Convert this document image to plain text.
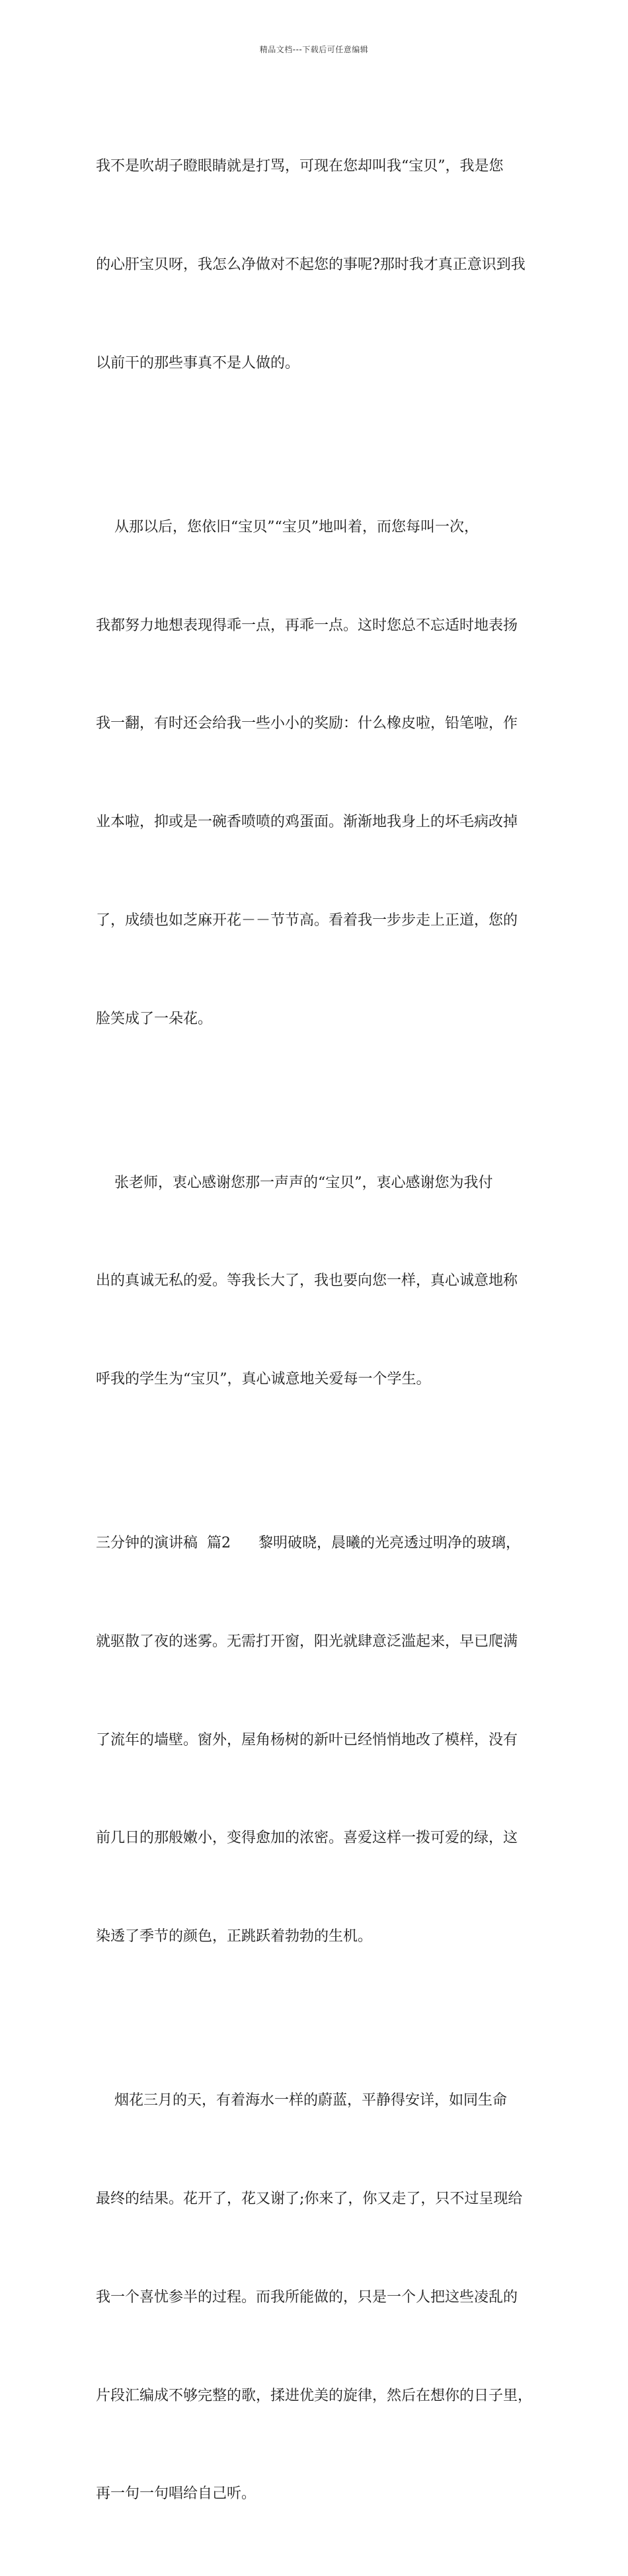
精品文档---下载后可任意编辑

我不是吹胡子瞪眼睛就是打骂，可现在您却叫我“宝贝”，我是您

的心肝宝贝呀，我怎么净做对不起您的事呢?那时我才真正意识到我

以前干的那些事真不是人做的。

从那以后，您依旧“宝贝”“宝贝”地叫着，而您每叫一次，

我都努力地想表现得乖一点，再乖一点。这时您总不忘适时地表扬

我一翻，有时还会给我一些小小的奖励：什么橡皮啦，铅笔啦，作

业本啦，抑或是一碗香喷喷的鸡蛋面。渐渐地我身上的坏毛病改掉

了，成绩也如芝麻开花－－节节高。看着我一步步走上正道，您的

脸笑成了一朵花。

张老师，衷心感谢您那一声声的“宝贝”，衷心感谢您为我付

出的真诚无私的爱。等我长大了，我也要向您一样，真心诚意地称

呼我的学生为“宝贝”，真心诚意地关爱每一个学生。

三分钟的演讲稿  篇2      黎明破晓，晨曦的光亮透过明净的玻璃，

就驱散了夜的迷雾。无需打开窗，阳光就肆意泛滥起来，早已爬满

了流年的墙壁。窗外，屋角杨树的新叶已经悄悄地改了模样，没有

前几日的那般嫩小，变得愈加的浓密。喜爱这样一拨可爱的绿，这

染透了季节的颜色，正跳跃着勃勃的生机。

烟花三月的天，有着海水一样的蔚蓝，平静得安详，如同生命

最终的结果。花开了，花又谢了;你来了，你又走了，只不过呈现给

我一个喜忧参半的过程。而我所能做的，只是一个人把这些凌乱的

片段汇编成不够完整的歌，揉进优美的旋律，然后在想你的日子里，

再一句一句唱给自己听。
